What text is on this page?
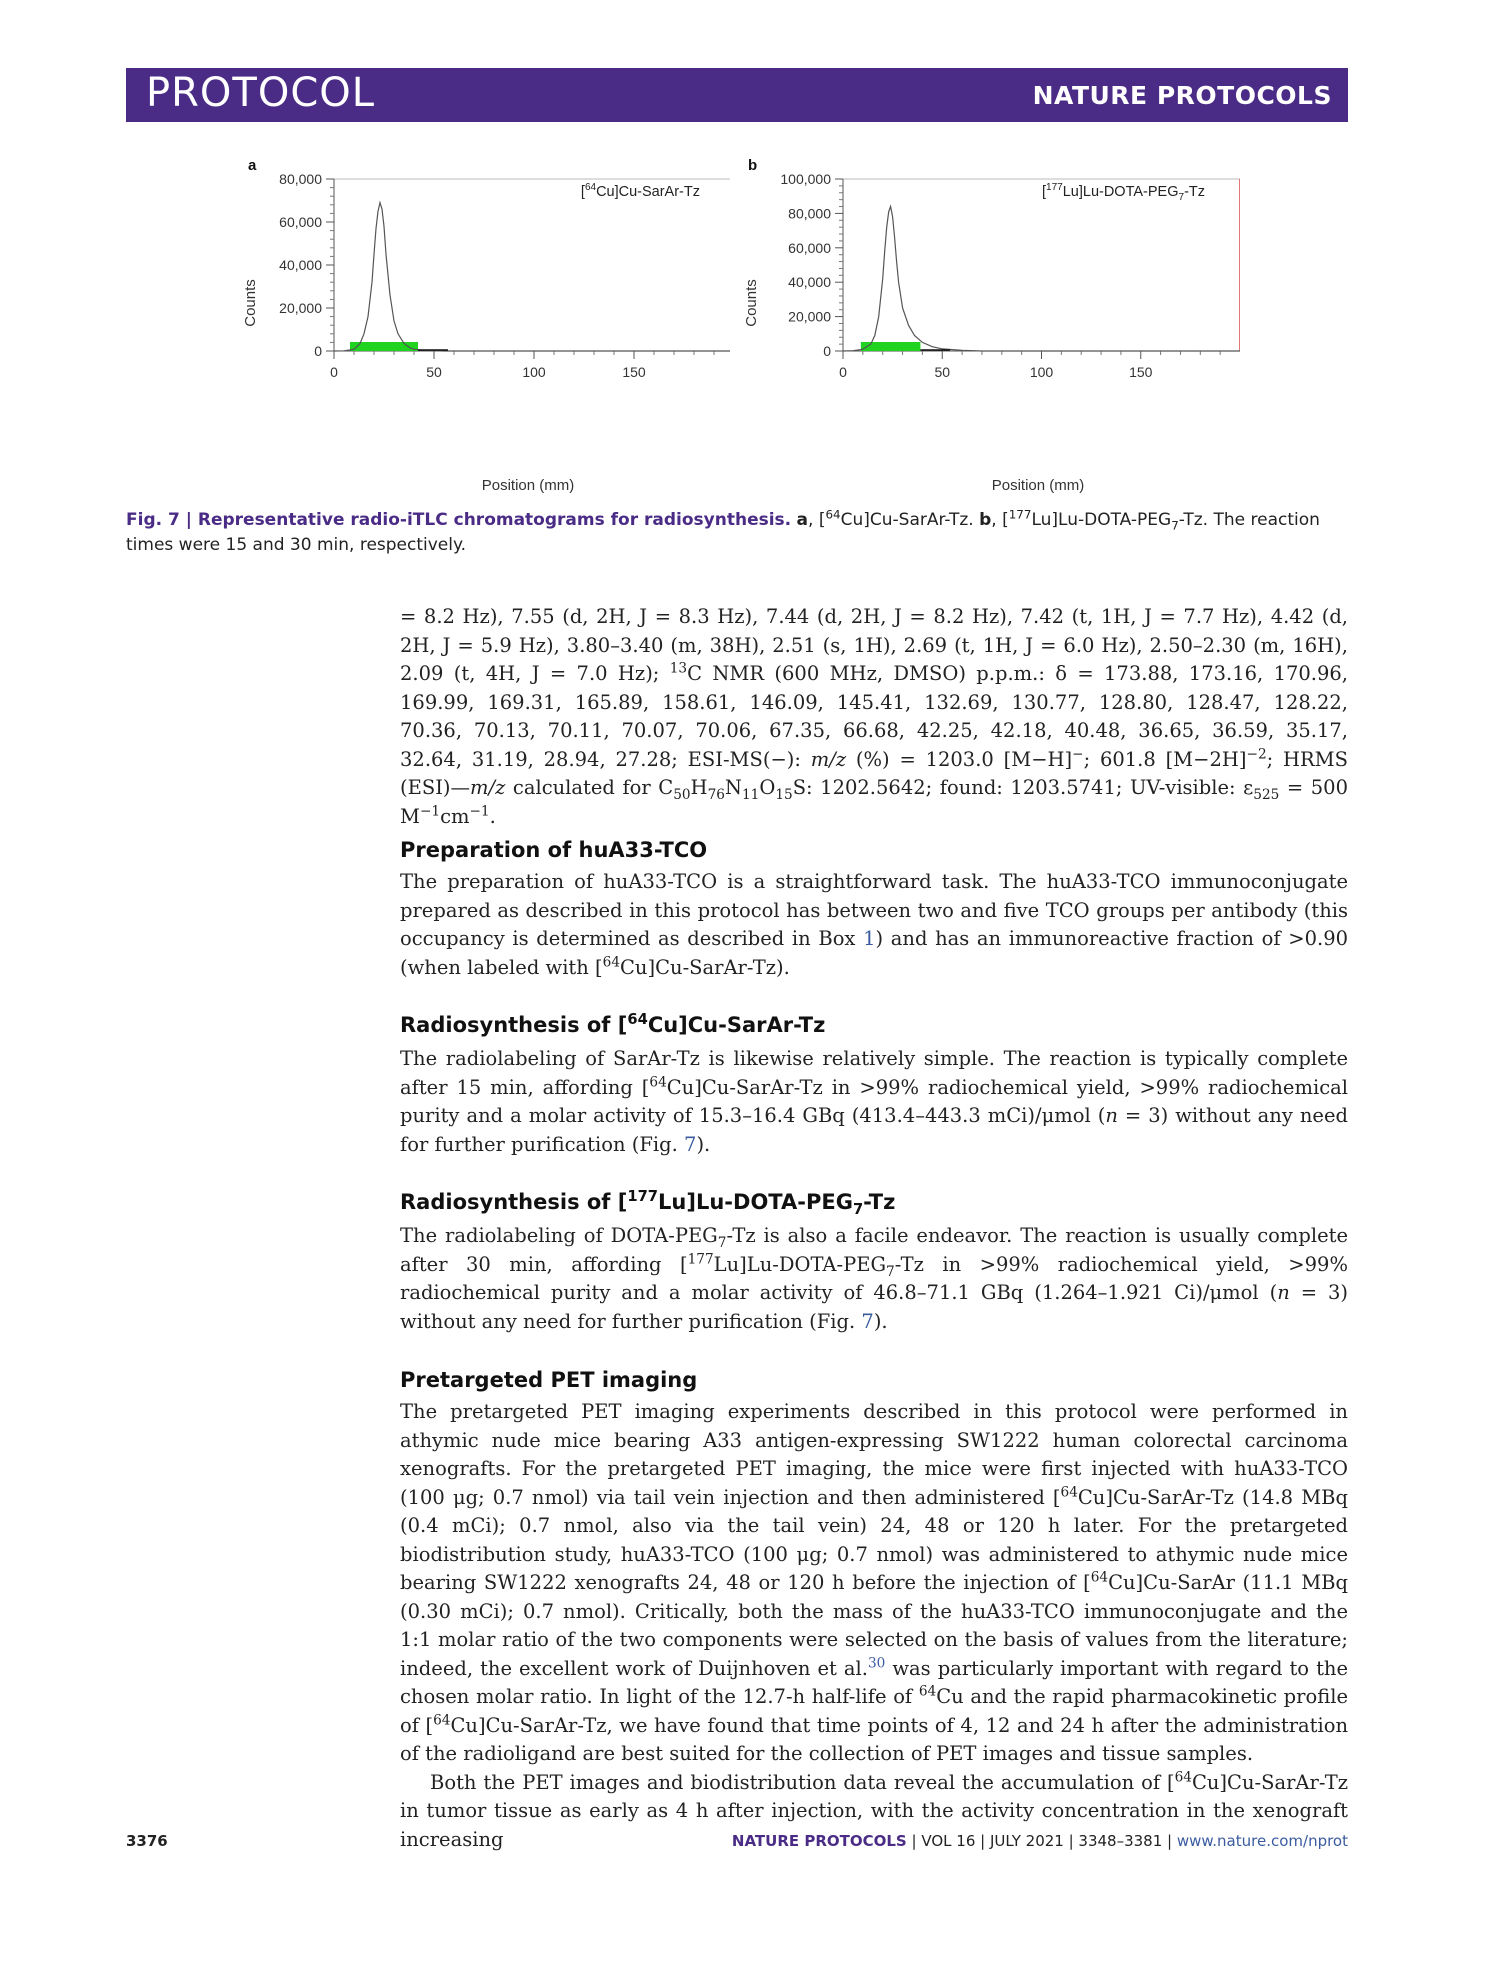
PROTOCOL	NATURE PROTOCOLS
a
Counts
0
20,000
40,000
60,000
80,000
0	50	100	150
Position (mm)
[$^{64}$Cu]Cu-SarAr-Tz
b
Counts
0
20,000
40,000
60,000
80,000
100,000
0	50	100	150
Position (mm)
$[^{177}Lu]Lu-DOTA-PEG_7-Tz$
Fig. 7 | Representative radio-iTLC chromatograms for radiosynthesis. a, [$^{64}$Cu]Cu-SarAr-Tz. b, $[^{177}Lu]Lu-DOTA-PEG_7-Tz$. The reaction times were 15 and 30 min, respectively.

= 8.2 Hz), 7.55 (d, 2H, J = 8.3 Hz), 7.44 (d, 2H, J = 8.2 Hz), 7.42 (t, 1H, J = 7.7 Hz), 4.42 (d, 2H, J = 5.9 Hz), 3.80–3.40 (m, 38H), 2.51 (s, 1H), 2.69 (t, 1H, J = 6.0 Hz), 2.50–2.30 (m, 16H), 2.09 (t, 4H, J = 7.0 Hz); $^{13}$C NMR (600 MHz, DMSO) p.p.m.: δ = 173.88, 173.16, 170.96, 169.99, 169.31, 165.89, 158.61, 146.09, 145.41, 132.69, 130.77, 128.80, 128.47, 128.22, 70.36, 70.13, 70.11, 70.07, 70.06, 67.35, 66.68, 42.25, 42.18, 40.48, 36.65, 36.59, 35.17, 32.64, 31.19, 28.94, 27.28; ESI-MS(−): m/z (%) = 1203.0 [M−H]−; 601.8 $[M-2H]^{-2}$; HRMS (ESI)—m/z calculated for $C_{50}H_{76}N_{11}O_{15}S$: 1202.5642; found: 1203.5741; UV-visible: $\varepsilon_{525} = 500$ $M^{-1}cm^{-1}$.

Preparation of huA33-TCO

The preparation of huA33-TCO is a straightforward task. The huA33-TCO immunoconjugate prepared as described in this protocol has between two and five TCO groups per antibody (this occupancy is determined as described in Box 1) and has an immunoreactive fraction of >0.90 (when labeled with [$^{64}$Cu]Cu-SarAr-Tz).

Radiosynthesis of [$^{64}$Cu]Cu-SarAr-Tz

The radiolabeling of SarAr-Tz is likewise relatively simple. The reaction is typically complete after 15 min, affording [$^{64}$Cu]Cu-SarAr-Tz in >99% radiochemical yield, >99% radiochemical purity and a molar activity of 15.3–16.4 GBq (413.4–443.3 mCi)/μmol (n = 3) without any need for further purification (Fig. 7).

Radiosynthesis of $[^{177}Lu]Lu-DOTA-PEG_7-Tz$

The radiolabeling of DOTA-$PEG_7-Tz$ is also a facile endeavor. The reaction is usually complete after 30 min, affording $[^{177}Lu]Lu-DOTA-PEG_7-Tz$ in >99% radiochemical yield, >99% radiochemical purity and a molar activity of 46.8–71.1 GBq (1.264–1.921 Ci)/μmol (n = 3) without any need for further purification (Fig. 7).

Pretargeted PET imaging

The pretargeted PET imaging experiments described in this protocol were performed in athymic nude mice bearing A33 antigen-expressing SW1222 human colorectal carcinoma xenografts. For the pretargeted PET imaging, the mice were first injected with huA33-TCO (100 μg; 0.7 nmol) via tail vein injection and then administered [$^{64}$Cu]Cu-SarAr-Tz (14.8 MBq (0.4 mCi); 0.7 nmol, also via the tail vein) 24, 48 or 120 h later. For the pretargeted biodistribution study, huA33-TCO (100 μg; 0.7 nmol) was administered to athymic nude mice bearing SW1222 xenografts 24, 48 or 120 h before the injection of [$^{64}$Cu]Cu-SarAr (11.1 MBq (0.30 mCi); 0.7 nmol). Critically, both the mass of the huA33-TCO immunoconjugate and the 1:1 molar ratio of the two components were selected on the basis of values from the literature; indeed, the excellent work of Duijnhoven et al.$^{30}$ was particularly important with regard to the chosen molar ratio. In light of the 12.7-h half-life of $^{64}$Cu and the rapid pharmacokinetic profile of [$^{64}$Cu]Cu-SarAr-Tz, we have found that time points of 4, 12 and 24 h after the administration of the radioligand are best suited for the collection of PET images and tissue samples.

Both the PET images and biodistribution data reveal the accumulation of [$^{64}$Cu]Cu-SarAr-Tz in tumor tissue as early as 4 h after injection, with the activity concentration in the xenograft increasing

3376	NATURE PROTOCOLS | VOL 16 | JULY 2021 | 3348–3381 | www.nature.com/nprot
